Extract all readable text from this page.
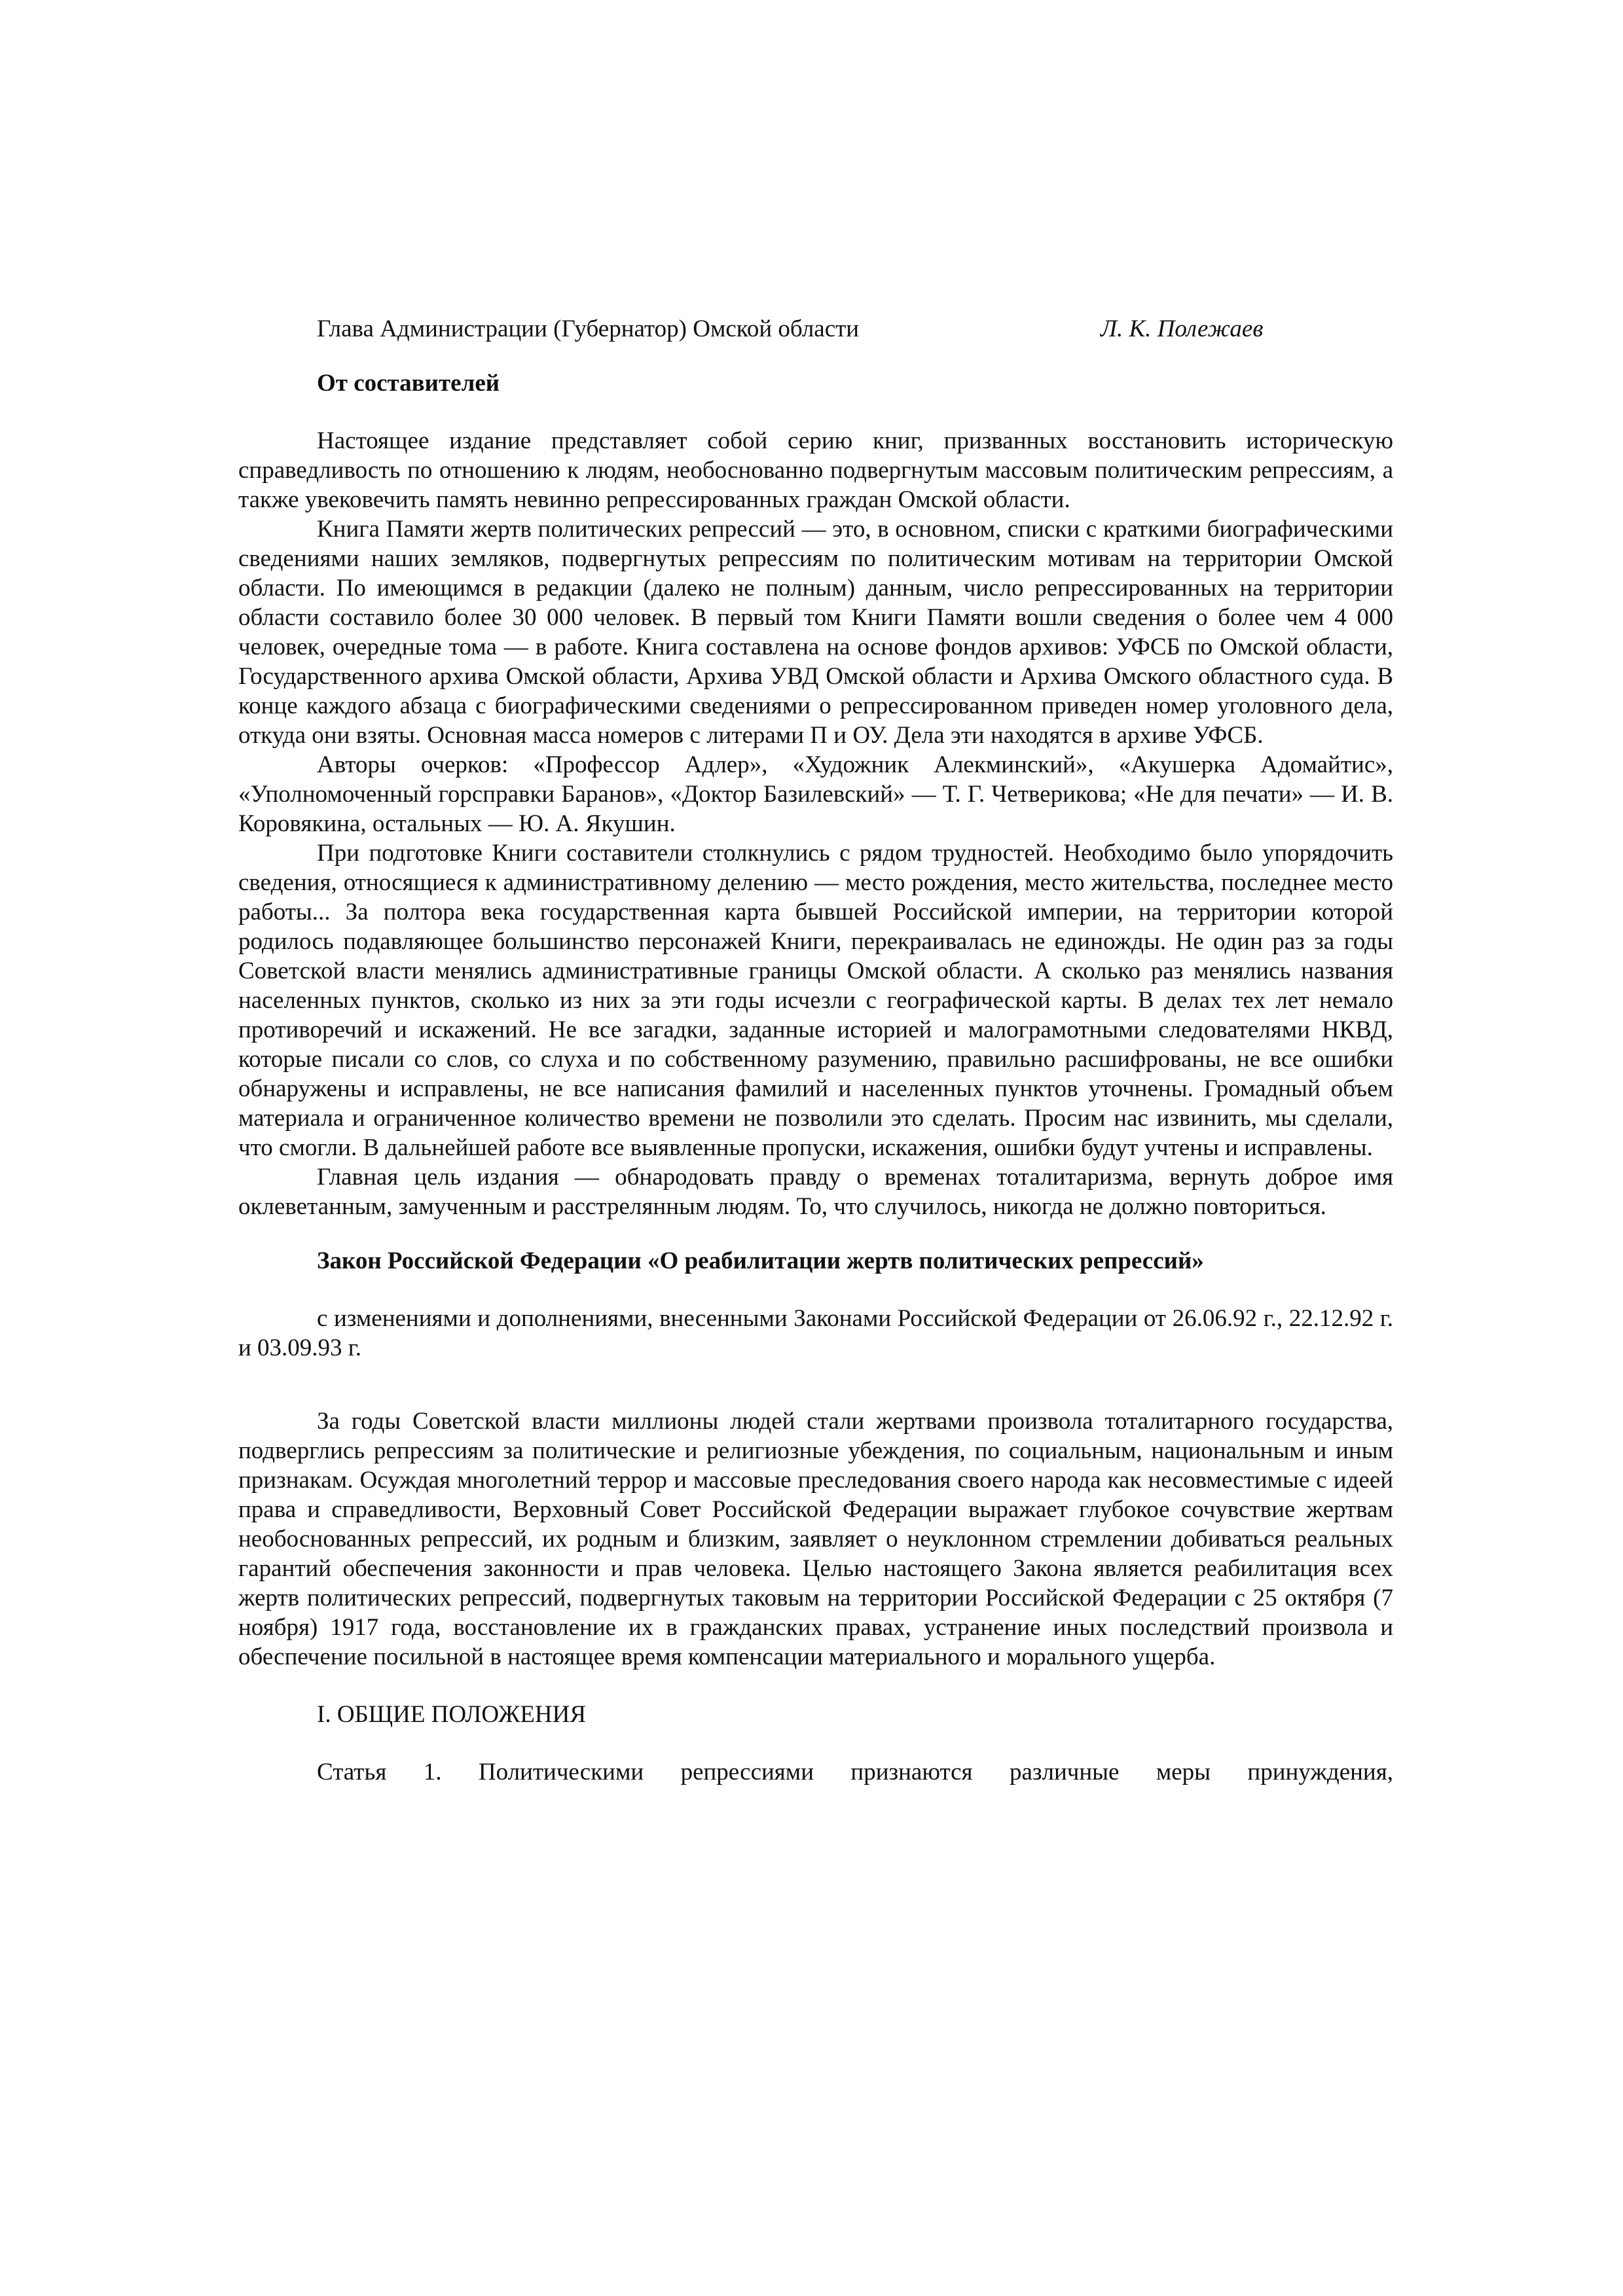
Глава Администрации (Губернатор) Омской области	Л. К. Полежаев

От составителей

Настоящее издание представляет собой серию книг, призванных восстановить историческую справедливость по отношению к людям, необоснованно подвергнутым массовым политическим репрессиям, а также увековечить память невинно репрессированных граждан Омской области.

Книга Памяти жертв политических репрессий — это, в основном, списки с краткими биографическими сведениями наших земляков, подвергнутых репрессиям по политическим мотивам на территории Омской области. По имеющимся в редакции (далеко не полным) данным, число репрессированных на территории области составило более 30 000 человек. В первый том Книги Памяти вошли сведения о более чем 4 000 человек, очередные тома — в работе. Книга составлена на основе фондов архивов: УФСБ по Омской области, Государственного архива Омской области, Архива УВД Омской области и Архива Омского областного суда. В конце каждого абзаца с биографическими сведениями о репрессированном приведен номер уголовного дела, откуда они взяты. Основная масса номеров с литерами П и ОУ. Дела эти находятся в архиве УФСБ.

Авторы очерков: «Профессор Адлер», «Художник Алекминский», «Акушерка Адомайтис», «Уполномоченный горсправки Баранов», «Доктор Базилевский» — Т. Г. Четверикова; «Не для печати» — И. В. Коровякина, остальных — Ю. А. Якушин.

При подготовке Книги составители столкнулись с рядом трудностей. Необходимо было упорядочить сведения, относящиеся к административному делению — место рождения, место жительства, последнее место работы... За полтора века государственная карта бывшей Российской империи, на территории которой родилось подавляющее большинство персонажей Книги, перекраивалась не единожды. Не один раз за годы Советской власти менялись административные границы Омской области. А сколько раз менялись названия населенных пунктов, сколько из них за эти годы исчезли с географической карты. В делах тех лет немало противоречий и искажений. Не все загадки, заданные историей и малограмотными следователями НКВД, которые писали со слов, со слуха и по собственному разумению, правильно расшифрованы, не все ошибки обнаружены и исправлены, не все написания фамилий и населенных пунктов уточнены. Громадный объем материала и ограниченное количество времени не позволили это сделать. Просим нас извинить, мы сделали, что смогли. В дальнейшей работе все выявленные пропуски, искажения, ошибки будут учтены и исправлены.

Главная цель издания — обнародовать правду о временах тоталитаризма, вернуть доброе имя оклеветанным, замученным и расстрелянным людям. То, что случилось, никогда не должно повториться.

Закон Российской Федерации «О реабилитации жертв политических репрессий»

с изменениями и дополнениями, внесенными Законами Российской Федерации от 26.06.92 г., 22.12.92 г. и 03.09.93 г.

За годы Советской власти миллионы людей стали жертвами произвола тоталитарного государства, подверглись репрессиям за политические и религиозные убеждения, по социальным, национальным и иным признакам. Осуждая многолетний террор и массовые преследования своего народа как несовместимые с идеей права и справедливости, Верховный Совет Российской Федерации выражает глубокое сочувствие жертвам необоснованных репрессий, их родным и близким, заявляет о неуклонном стремлении добиваться реальных гарантий обеспечения законности и прав человека. Целью настоящего Закона является реабилитация всех жертв политических репрессий, подвергнутых таковым на территории Российской Федерации с 25 октября (7 ноября) 1917 года, восстановление их в гражданских правах, устранение иных последствий произвола и обеспечение посильной в настоящее время компенсации материального и морального ущерба.

I. ОБЩИЕ ПОЛОЖЕНИЯ

Статья 1. Политическими репрессиями признаются различные меры принуждения,
